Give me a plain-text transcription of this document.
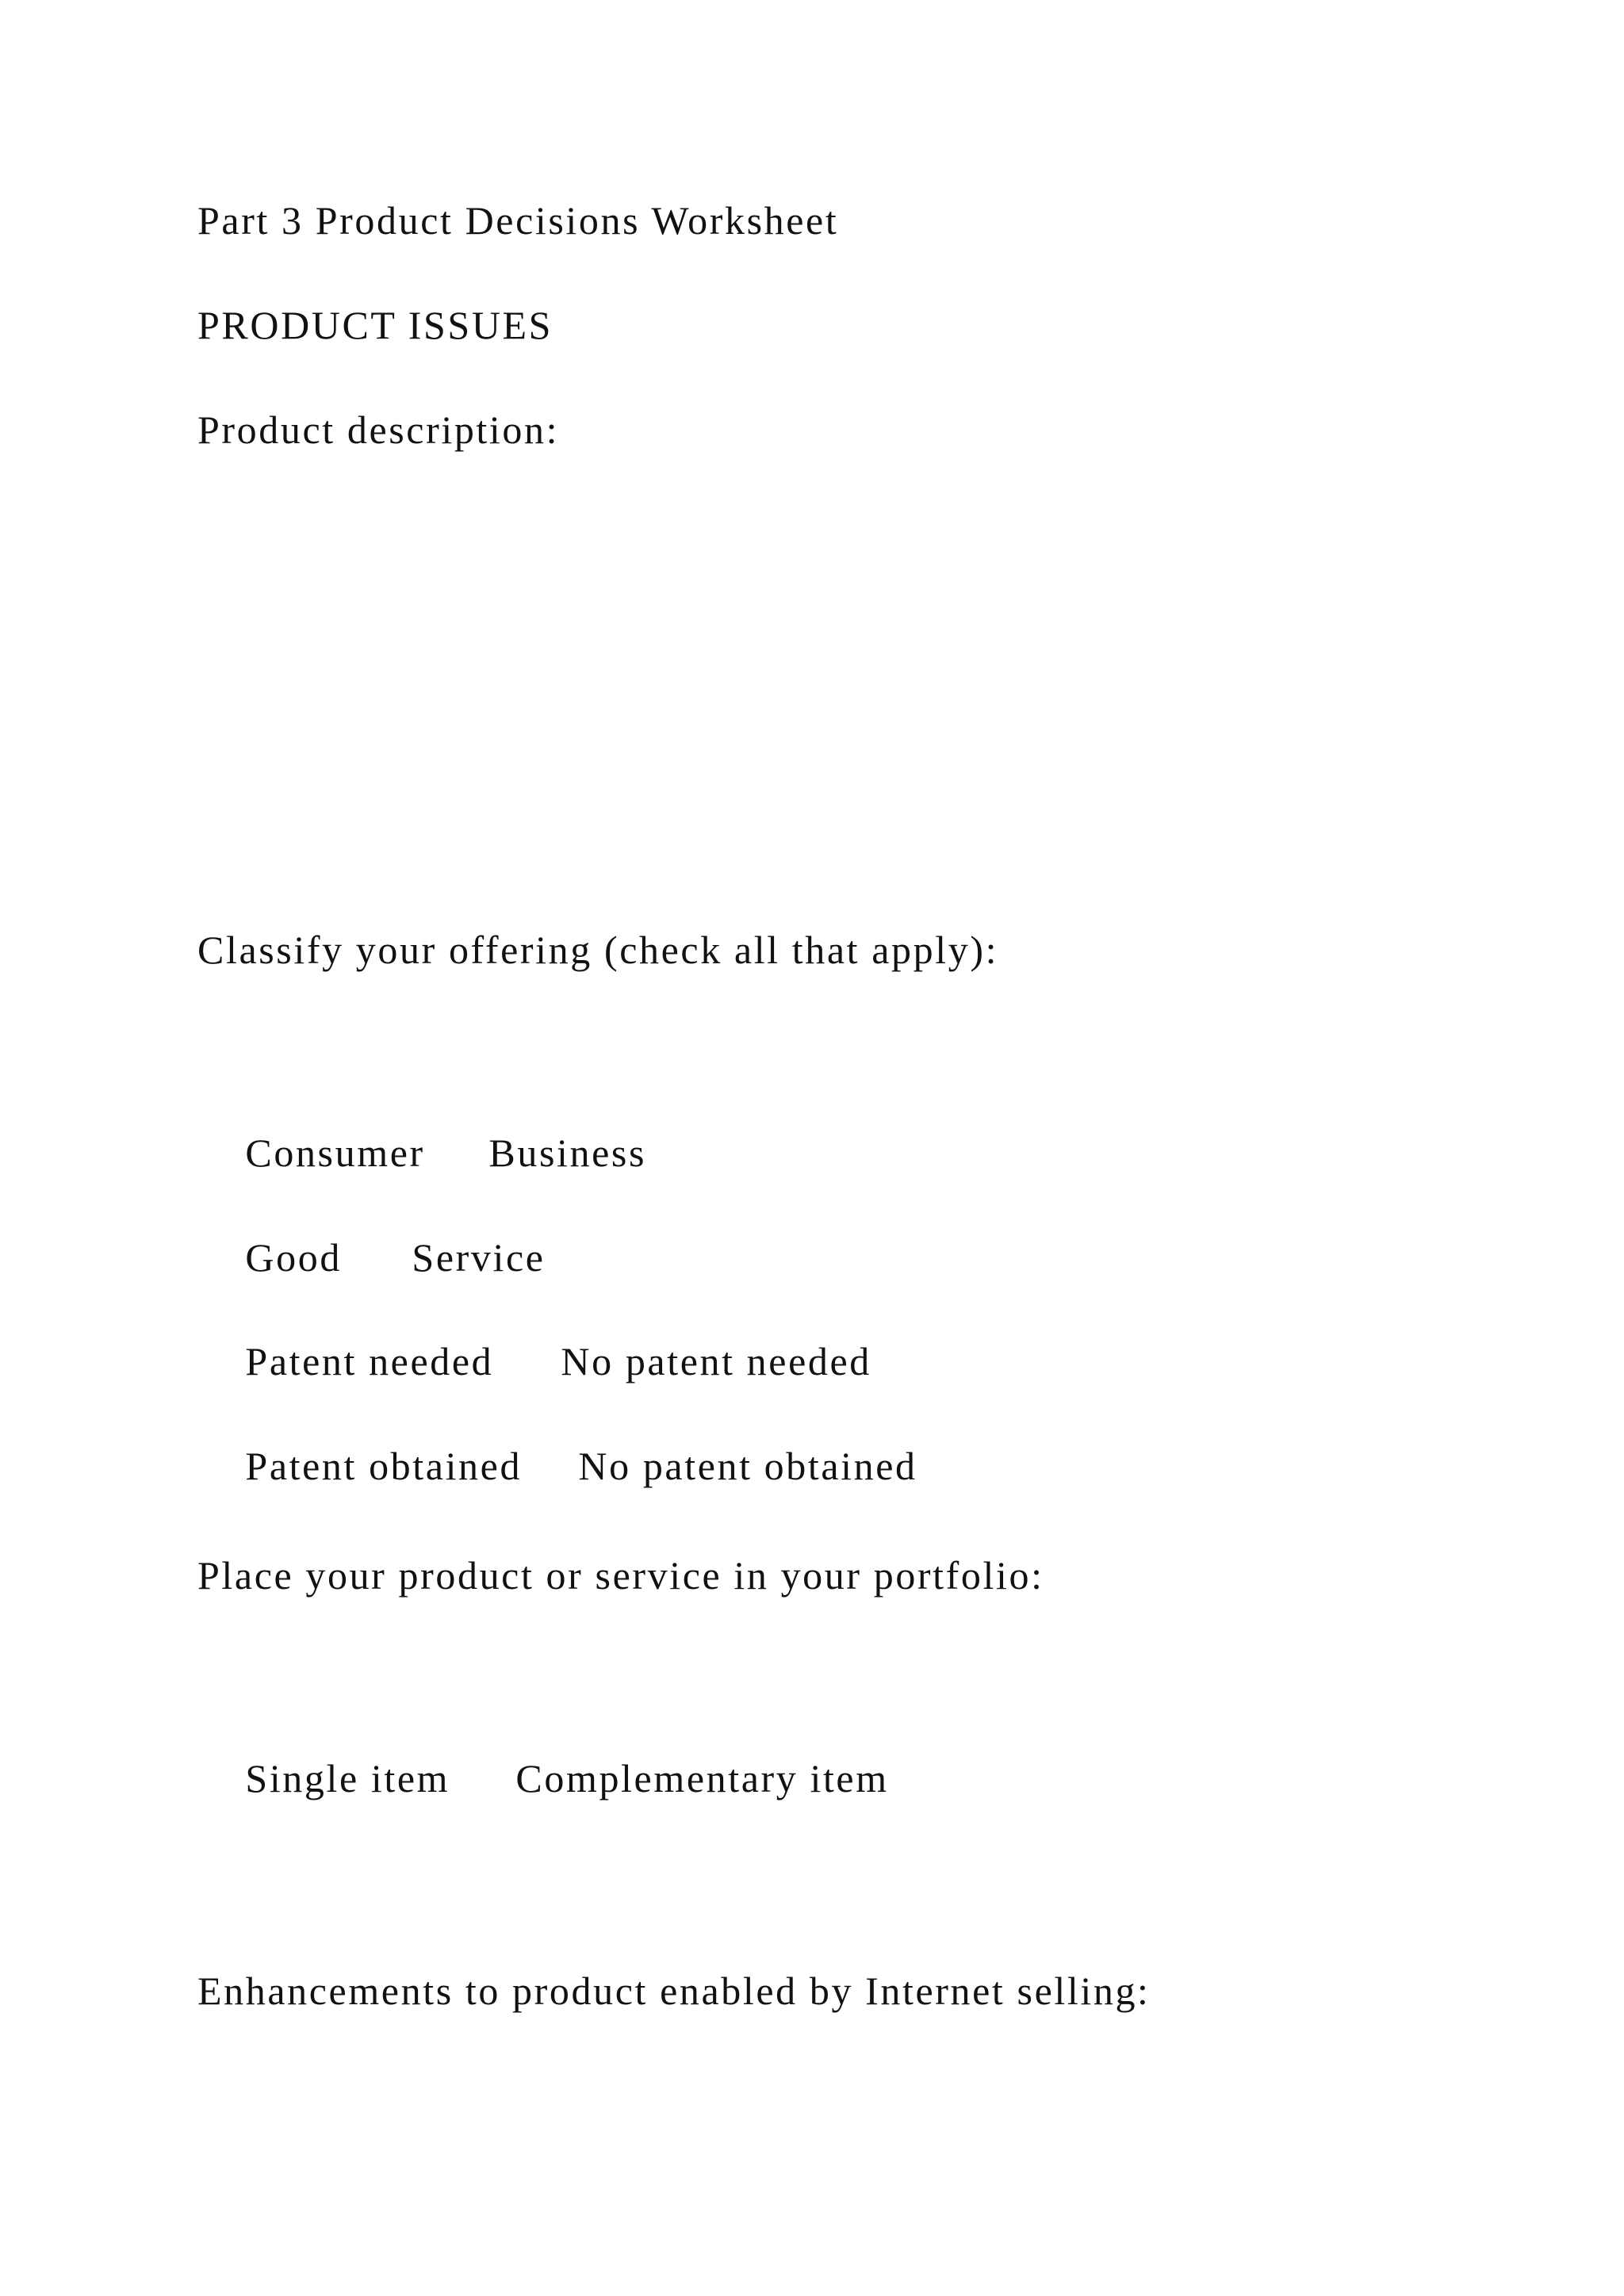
Part 3 Product Decisions Worksheet
PRODUCT ISSUES

Product description:

Classify your offering (check all that apply):

Consumer Business

Good Service

Patent needed No patent needed

Patent obtained No patent obtained

Place your product or service in your portfolio:

Single item Complementary item

Enhancements to product enabled by Internet selling:
